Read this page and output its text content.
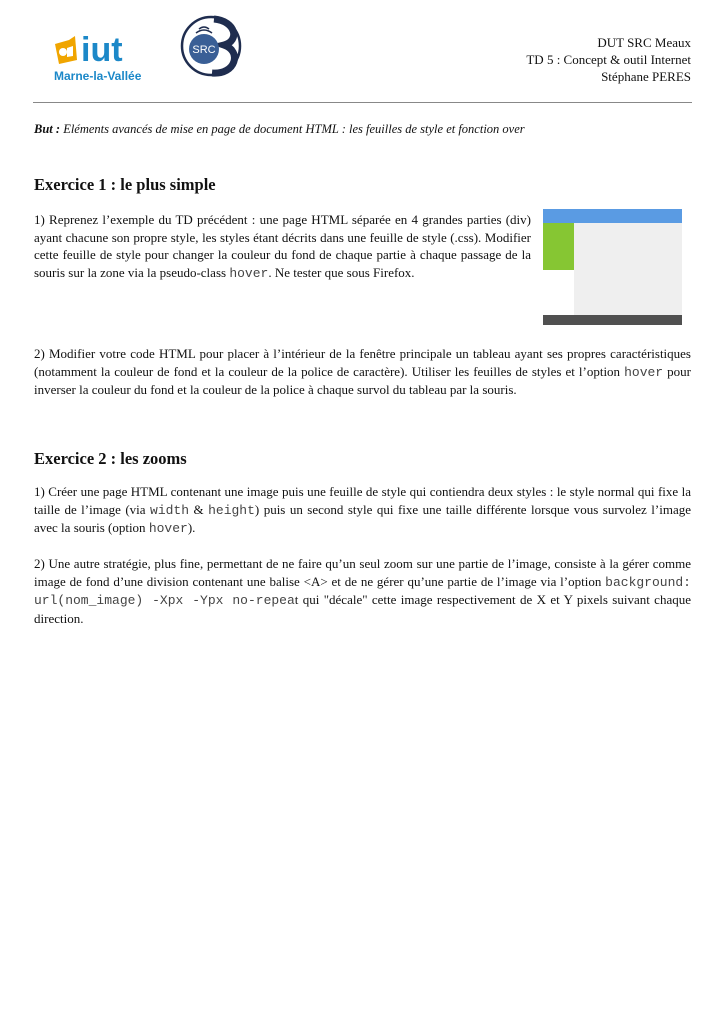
iut
Marne-la-Vallée
SRC	DUT SRC Meaux
TD 5 : Concept & outil Internet
Stéphane PERES
But : Eléments avancés de mise en page de document HTML : les feuilles de style et fonction over
Exercice 1 : le plus simple

1) Reprenez l’exemple du TD précédent : une page HTML séparée en 4 grandes parties (div) ayant chacune son propre style, les styles étant décrits dans une feuille de style (.css). Modifier cette feuille de style pour changer la couleur du fond de chaque partie à chaque passage de la souris sur la zone via la pseudo-class hover. Ne tester que sous Firefox.

2) Modifier votre code HTML pour placer à l’intérieur de la fenêtre principale un tableau ayant ses propres caractéristiques (notamment la couleur de fond et la couleur de la police de caractère). Utiliser les feuilles de styles et l’option hover pour inverser la couleur du fond et la couleur de la police à chaque survol du tableau par la souris.

Exercice 2 : les zooms

1) Créer une page HTML contenant une image puis une feuille de style qui contiendra deux styles : le style normal qui fixe la taille de l’image (via width & height) puis un second style qui fixe une taille différente lorsque vous survolez l’image avec la souris (option hover).

2) Une autre stratégie, plus fine, permettant de ne faire qu’un seul zoom sur une partie de l’image, consiste à la gérer comme image de fond d’une division contenant une balise <A> et de ne gérer qu’une partie de l’image via l’option background: url(nom_image) -Xpx -Ypx no-repeat qui "décale" cette image respectivement de X et Y pixels suivant chaque direction.
